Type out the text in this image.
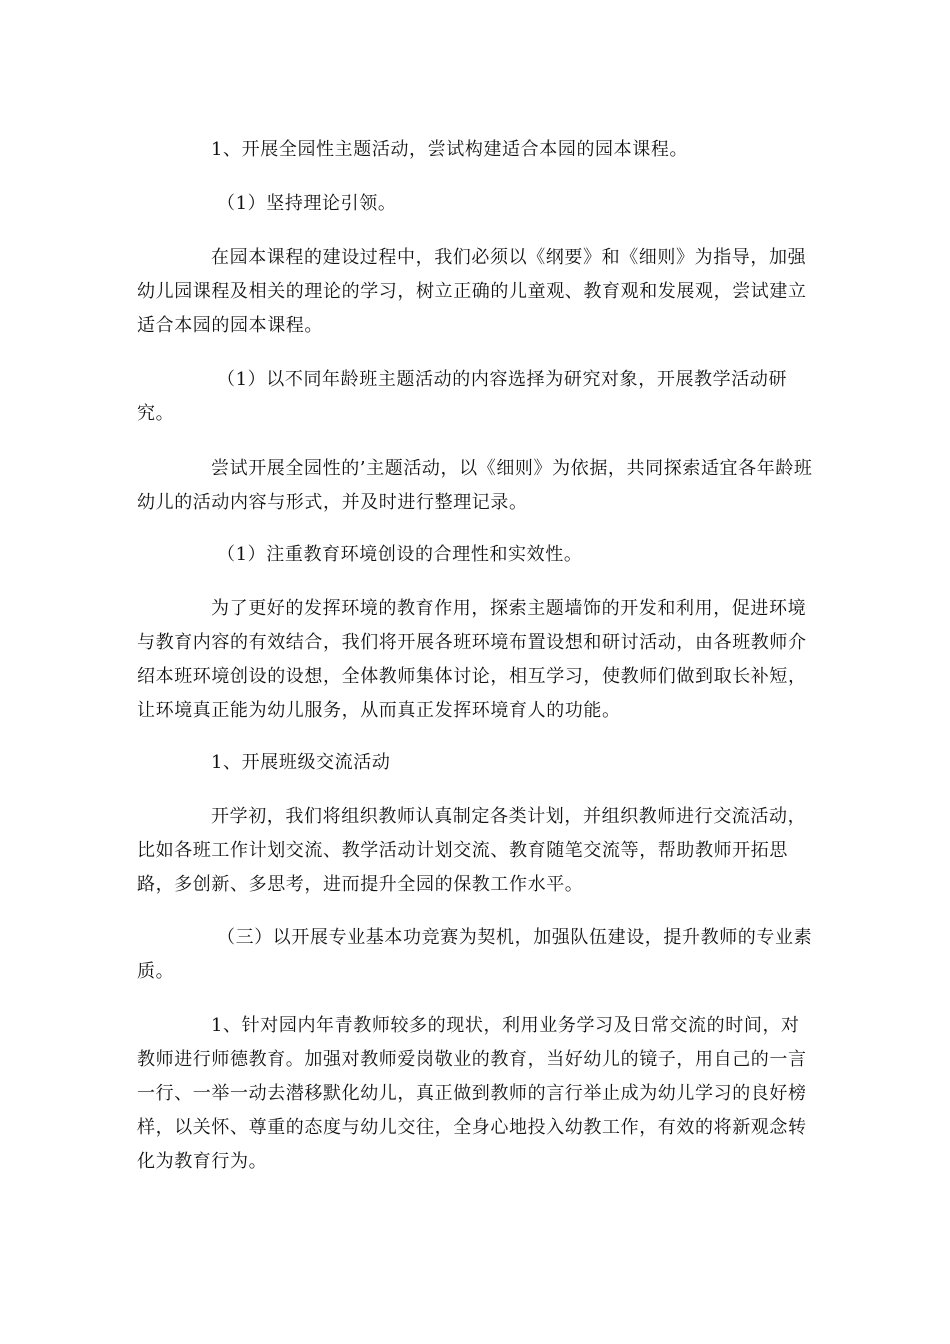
1、开展全园性主题活动，尝试构建适合本园的园本课程。

（1）坚持理论引领。

在园本课程的建设过程中，我们必须以《纲要》和《细则》为指导，加强幼儿园课程及相关的理论的学习，树立正确的儿童观、教育观和发展观，尝试建立适合本园的园本课程。

（1）以不同年龄班主题活动的内容选择为研究对象，开展教学活动研究。

尝试开展全园性的’主题活动，以《细则》为依据，共同探索适宜各年龄班幼儿的活动内容与形式，并及时进行整理记录。

（1）注重教育环境创设的合理性和实效性。

为了更好的发挥环境的教育作用，探索主题墙饰的开发和利用，促进环境与教育内容的有效结合，我们将开展各班环境布置设想和研讨活动，由各班教师介绍本班环境创设的设想，全体教师集体讨论，相互学习，使教师们做到取长补短，让环境真正能为幼儿服务，从而真正发挥环境育人的功能。

1、开展班级交流活动

开学初，我们将组织教师认真制定各类计划，并组织教师进行交流活动，比如各班工作计划交流、教学活动计划交流、教育随笔交流等，帮助教师开拓思路，多创新、多思考，进而提升全园的保教工作水平。

（三）以开展专业基本功竞赛为契机，加强队伍建设，提升教师的专业素质。

1、针对园内年青教师较多的现状，利用业务学习及日常交流的时间，对教师进行师德教育。加强对教师爱岗敬业的教育，当好幼儿的镜子，用自己的一言一行、一举一动去潜移默化幼儿，真正做到教师的言行举止成为幼儿学习的良好榜样，以关怀、尊重的态度与幼儿交往，全身心地投入幼教工作，有效的将新观念转化为教育行为。
